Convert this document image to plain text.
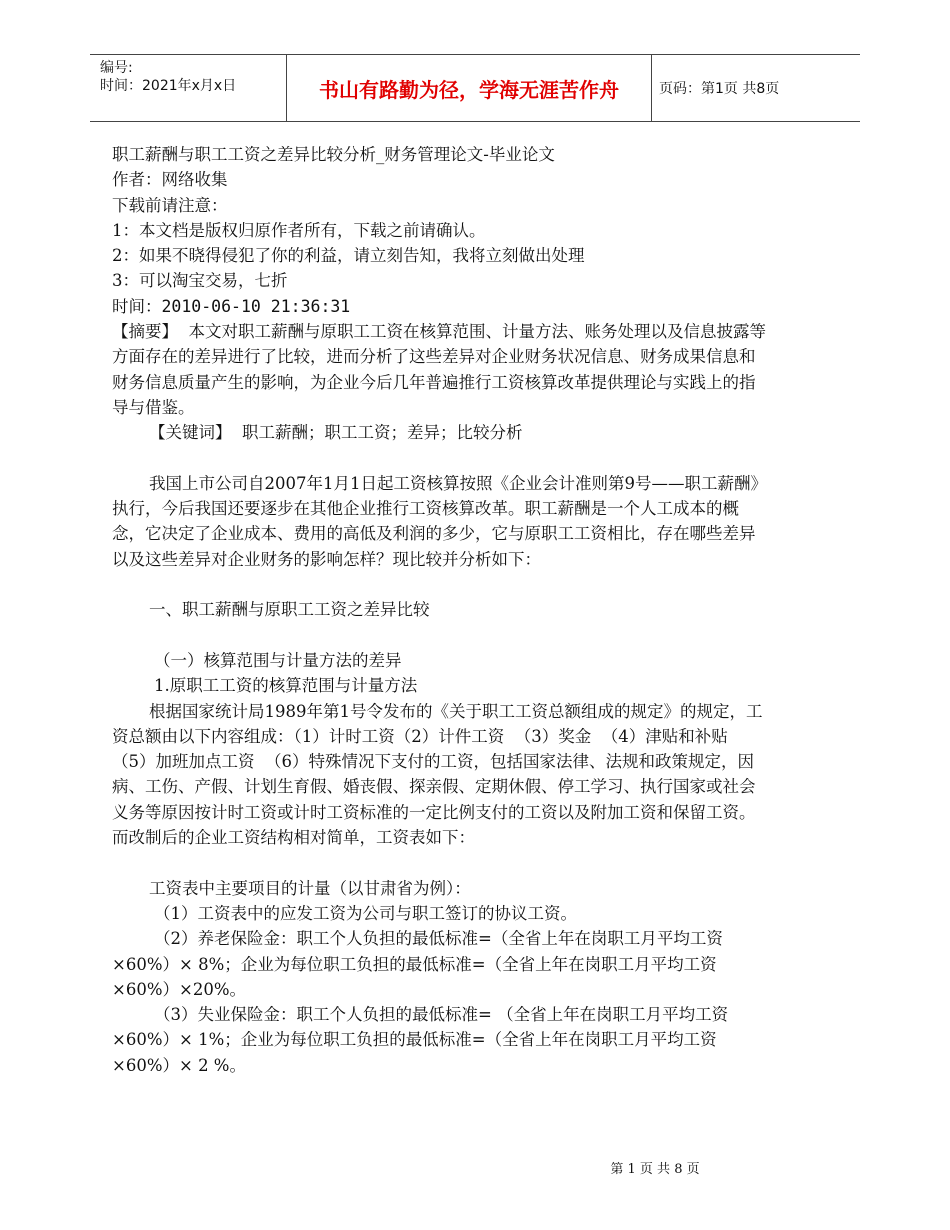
编号:
时间：2021年x月x日	书山有路勤为径，学海无涯苦作舟	页码：第1页 共8页

职工薪酬与职工工资之差异比较分析_财务管理论文-毕业论文

作者：网络收集

下载前请注意：

1：本文档是版权归原作者所有，下载之前请确认。

2：如果不晓得侵犯了你的利益，请立刻告知，我将立刻做出处理

3：可以淘宝交易，七折

时间：2010-06-10 21:36:31

【摘要】  本文对职工薪酬与原职工工资在核算范围、计量方法、账务处理以及信息披露等方面存在的差异进行了比较，进而分析了这些差异对企业财务状况信息、财务成果信息和财务信息质量产生的影响，为企业今后几年普遍推行工资核算改革提供理论与实践上的指导与借鉴。

【关键词】  职工薪酬；职工工资；差异；比较分析

我国上市公司自2007年1月1日起工资核算按照《企业会计准则第9号——职工薪酬》执行，今后我国还要逐步在其他企业推行工资核算改革。职工薪酬是一个人工成本的概念，它决定了企业成本、费用的高低及利润的多少，它与原职工工资相比，存在哪些差异以及这些差异对企业财务的影响怎样？现比较并分析如下：

一、职工薪酬与原职工工资之差异比较

（一）核算范围与计量方法的差异

1.原职工工资的核算范围与计量方法

根据国家统计局1989年第1号令发布的《关于职工工资总额组成的规定》的规定，工资总额由以下内容组成：（1）计时工资（2）计件工资  （3）奖金  （4）津贴和补贴  （5）加班加点工资  （6）特殊情况下支付的工资，包括国家法律、法规和政策规定，因病、工伤、产假、计划生育假、婚丧假、探亲假、定期休假、停工学习、执行国家或社会义务等原因按计时工资或计时工资标准的一定比例支付的工资以及附加工资和保留工资。而改制后的企业工资结构相对简单，工资表如下：

工资表中主要项目的计量（以甘肃省为例）：

（1）工资表中的应发工资为公司与职工签订的协议工资。

（2）养老保险金：职工个人负担的最低标准=（全省上年在岗职工月平均工资×60%）× 8%；企业为每位职工负担的最低标准=（全省上年在岗职工月平均工资×60%）×20%。

（3）失业保险金：职工个人负担的最低标准= （全省上年在岗职工月平均工资×60%）× 1%；企业为每位职工负担的最低标准=（全省上年在岗职工月平均工资×60%）× 2 %。

第 1 页 共 8 页
